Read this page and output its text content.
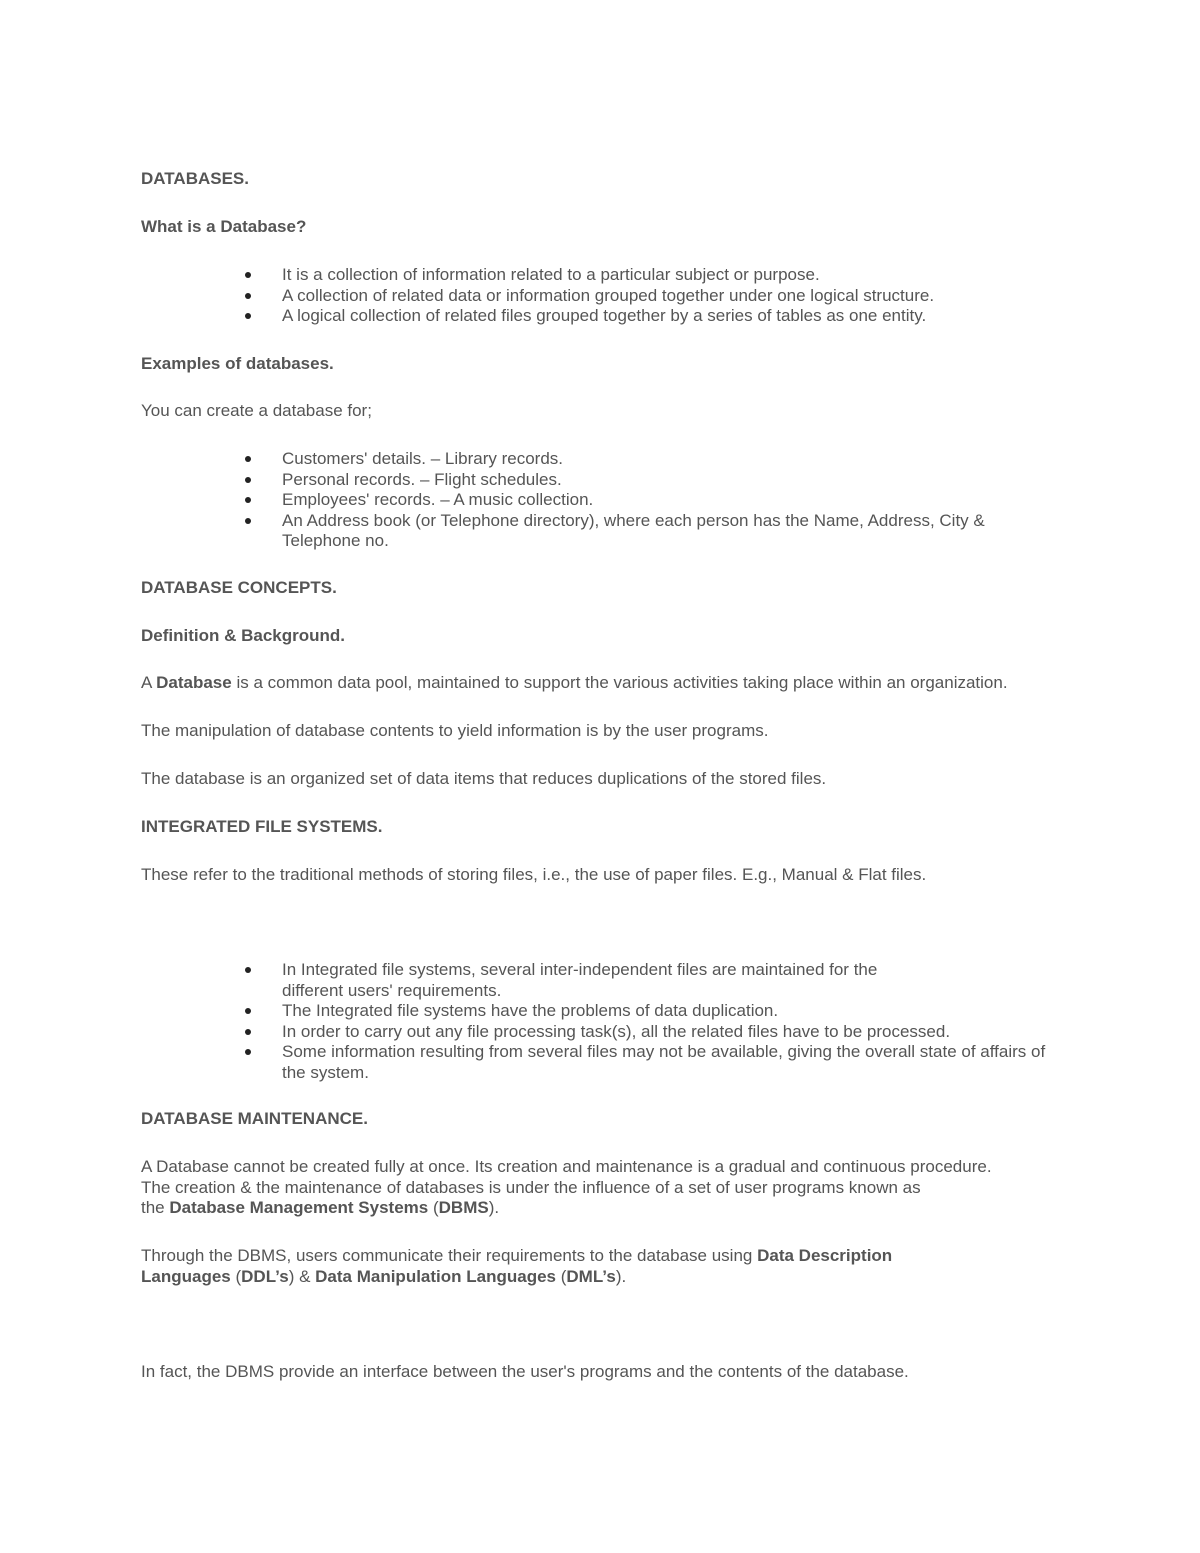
DATABASES.

What is a Database?

It is a collection of information related to a particular subject or purpose.
A collection of related data or information grouped together under one logical structure.
A logical collection of related files grouped together by a series of tables as one entity.

Examples of databases.

You can create a database for;

Customers' details. – Library records.
Personal records. – Flight schedules.
Employees' records. – A music collection.
An Address book (or Telephone directory), where each person has the Name, Address, City & Telephone no.

DATABASE CONCEPTS.

Definition & Background.

A Database is a common data pool, maintained to support the various activities taking place within an organization.

The manipulation of database contents to yield information is by the user programs.

The database is an organized set of data items that reduces duplications of the stored files.

INTEGRATED FILE SYSTEMS.

These refer to the traditional methods of storing files, i.e., the use of paper files. E.g., Manual & Flat files.

In Integrated file systems, several inter-independent files are maintained for the different users' requirements.
The Integrated file systems have the problems of data duplication.
In order to carry out any file processing task(s), all the related files have to be processed.
Some information resulting from several files may not be available, giving the overall state of affairs of the system.

DATABASE MAINTENANCE.

A Database cannot be created fully at once. Its creation and maintenance is a gradual and continuous procedure.
The creation & the maintenance of databases is under the influence of a set of user programs known as
the Database Management Systems (DBMS).

Through the DBMS, users communicate their requirements to the database using Data Description Languages (DDL’s) & Data Manipulation Languages (DML’s).

In fact, the DBMS provide an interface between the user's programs and the contents of the database.
